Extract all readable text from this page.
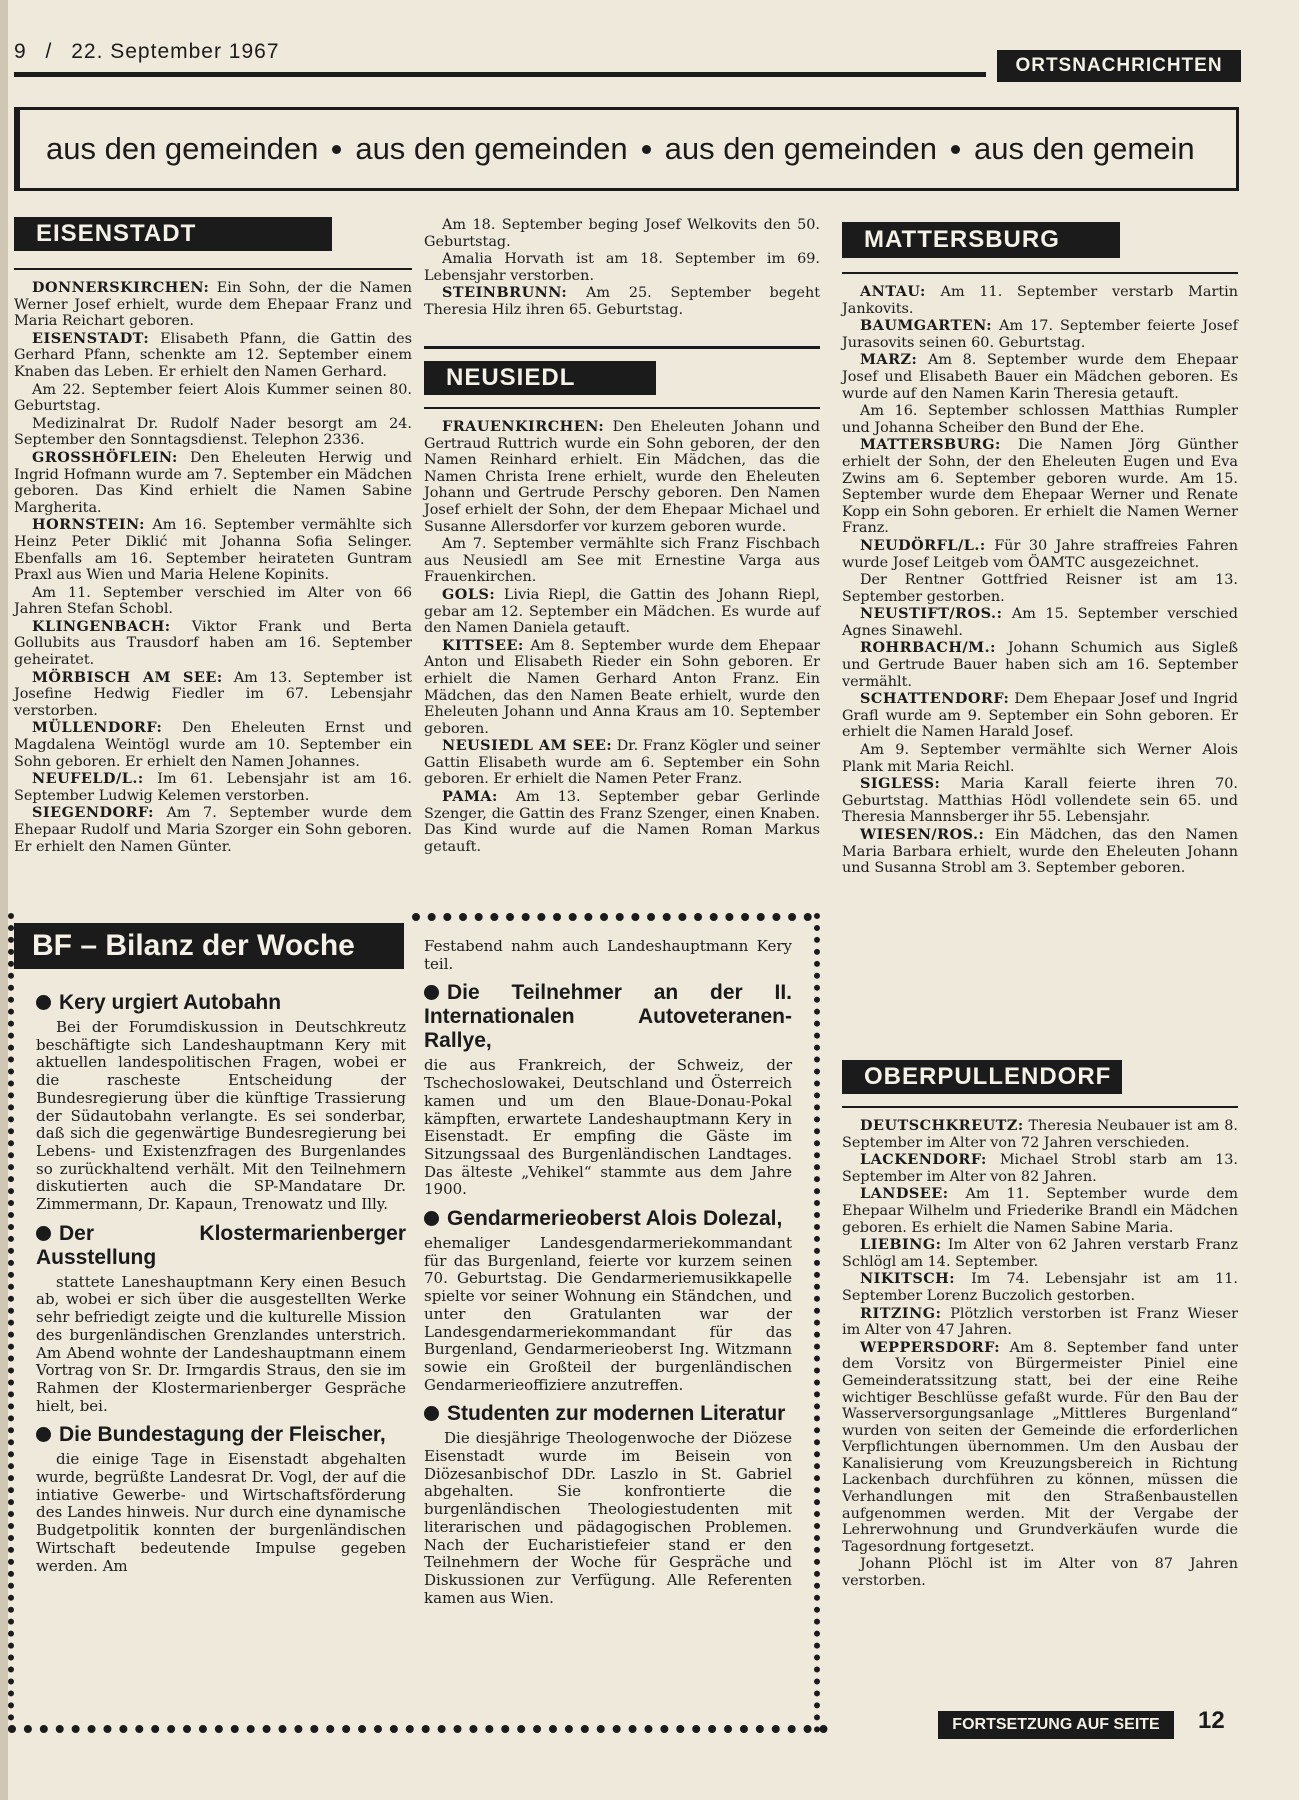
9 / 22. September 1967
ORTSNACHRICHTEN
aus den gemeinden aus den gemeinden aus den gemeinden aus den gemein
EISENSTADT

DONNERSKIRCHEN: Ein Sohn, der die Namen Werner Josef erhielt, wurde dem Ehepaar Franz und Maria Reichart geboren.

EISENSTADT: Elisabeth Pfann, die Gattin des Gerhard Pfann, schenkte am 12. September einem Knaben das Leben. Er erhielt den Namen Gerhard.

Am 22. September feiert Alois Kummer seinen 80. Geburtstag.

Medizinalrat Dr. Rudolf Nader besorgt am 24. September den Sonntagsdienst. Telephon 2336.

GROSSHÖFLEIN: Den Eheleuten Herwig und Ingrid Hofmann wurde am 7. September ein Mädchen geboren. Das Kind erhielt die Namen Sabine Margherita.

HORNSTEIN: Am 16. September vermählte sich Heinz Peter Diklić mit Johanna Sofia Selinger. Ebenfalls am 16. September heirateten Guntram Praxl aus Wien und Maria Helene Kopinits.

Am 11. September verschied im Alter von 66 Jahren Stefan Schobl.

KLINGENBACH: Viktor Frank und Berta Gollubits aus Trausdorf haben am 16. September geheiratet.

MÖRBISCH AM SEE: Am 13. September ist Josefine Hedwig Fiedler im 67. Lebensjahr verstorben.

MÜLLENDORF: Den Eheleuten Ernst und Magdalena Weintögl wurde am 10. September ein Sohn geboren. Er erhielt den Namen Johannes.

NEUFELD/L.: Im 61. Lebensjahr ist am 16. September Ludwig Kelemen verstorben.

SIEGENDORF: Am 7. September wurde dem Ehepaar Rudolf und Maria Szorger ein Sohn geboren. Er erhielt den Namen Günter.

Am 18. September beging Josef Welkovits den 50. Geburtstag.

Amalia Horvath ist am 18. September im 69. Lebensjahr verstorben.

STEINBRUNN: Am 25. September begeht Theresia Hilz ihren 65. Geburtstag.

NEUSIEDL

FRAUENKIRCHEN: Den Eheleuten Johann und Gertraud Ruttrich wurde ein Sohn geboren, der den Namen Reinhard erhielt. Ein Mädchen, das die Namen Christa Irene erhielt, wurde den Eheleuten Johann und Gertrude Perschy geboren. Den Namen Josef erhielt der Sohn, der dem Ehepaar Michael und Susanne Allersdorfer vor kurzem geboren wurde.

Am 7. September vermählte sich Franz Fischbach aus Neusiedl am See mit Ernestine Varga aus Frauenkirchen.

GOLS: Livia Riepl, die Gattin des Johann Riepl, gebar am 12. September ein Mädchen. Es wurde auf den Namen Daniela getauft.

KITTSEE: Am 8. September wurde dem Ehepaar Anton und Elisabeth Rieder ein Sohn geboren. Er erhielt die Namen Gerhard Anton Franz. Ein Mädchen, das den Namen Beate erhielt, wurde den Eheleuten Johann und Anna Kraus am 10. September geboren.

NEUSIEDL AM SEE: Dr. Franz Kögler und seiner Gattin Elisabeth wurde am 6. September ein Sohn geboren. Er erhielt die Namen Peter Franz.

PAMA: Am 13. September gebar Gerlinde Szenger, die Gattin des Franz Szenger, einen Knaben. Das Kind wurde auf die Namen Roman Markus getauft.

MATTERSBURG

ANTAU: Am 11. September verstarb Martin Jankovits.

BAUMGARTEN: Am 17. September feierte Josef Jurasovits seinen 60. Geburtstag.

MARZ: Am 8. September wurde dem Ehepaar Josef und Elisabeth Bauer ein Mädchen geboren. Es wurde auf den Namen Karin Theresia getauft.

Am 16. September schlossen Matthias Rumpler und Johanna Scheiber den Bund der Ehe.

MATTERSBURG: Die Namen Jörg Günther erhielt der Sohn, der den Eheleuten Eugen und Eva Zwins am 6. September geboren wurde. Am 15. September wurde dem Ehepaar Werner und Renate Kopp ein Sohn geboren. Er erhielt die Namen Werner Franz.

NEUDÖRFL/L.: Für 30 Jahre straffreies Fahren wurde Josef Leitgeb vom ÖAMTC ausgezeichnet.

Der Rentner Gottfried Reisner ist am 13. September gestorben.

NEUSTIFT/ROS.: Am 15. September verschied Agnes Sinawehl.

ROHRBACH/M.: Johann Schumich aus Sigleß und Gertrude Bauer haben sich am 16. September vermählt.

SCHATTENDORF: Dem Ehepaar Josef und Ingrid Grafl wurde am 9. September ein Sohn geboren. Er erhielt die Namen Harald Josef.

Am 9. September vermählte sich Werner Alois Plank mit Maria Reichl.

SIGLESS: Maria Karall feierte ihren 70. Geburtstag. Matthias Hödl vollendete sein 65. und Theresia Mannsberger ihr 55. Lebensjahr.

WIESEN/ROS.: Ein Mädchen, das den Namen Maria Barbara erhielt, wurde den Eheleuten Johann und Susanna Strobl am 3. September geboren.

OBERPULLENDORF

DEUTSCHKREUTZ: Theresia Neubauer ist am 8. September im Alter von 72 Jahren verschieden.

LACKENDORF: Michael Strobl starb am 13. September im Alter von 82 Jahren.

LANDSEE: Am 11. September wurde dem Ehepaar Wilhelm und Friederike Brandl ein Mädchen geboren. Es erhielt die Namen Sabine Maria.

LIEBING: Im Alter von 62 Jahren verstarb Franz Schlögl am 14. September.

NIKITSCH: Im 74. Lebensjahr ist am 11. September Lorenz Buczolich gestorben.

RITZING: Plötzlich verstorben ist Franz Wieser im Alter von 47 Jahren.

WEPPERSDORF: Am 8. September fand unter dem Vorsitz von Bürgermeister Piniel eine Gemeinderatssitzung statt, bei der eine Reihe wichtiger Beschlüsse gefaßt wurde. Für den Bau der Wasserversorgungsanlage „Mittleres Burgenland“ wurden von seiten der Gemeinde die erforderlichen Verpflichtungen übernommen. Um den Ausbau der Kanalisierung vom Kreuzungsbereich in Richtung Lackenbach durchführen zu können, müssen die Verhandlungen mit den Straßenbaustellen aufgenommen werden. Mit der Vergabe der Lehrerwohnung und Grundverkäufen wurde die Tagesordnung fortgesetzt.

Johann Plöchl ist im Alter von 87 Jahren verstorben.

BF – Bilanz der Woche
Kery urgiert Autobahn

Bei der Forumdiskussion in Deutschkreutz beschäftigte sich Landeshauptmann Kery mit aktuellen landespolitischen Fragen, wobei er die rascheste Entscheidung der Bundesregierung über die künftige Trassierung der Südautobahn verlangte. Es sei sonderbar, daß sich die gegenwärtige Bundesregierung bei Lebens- und Existenzfragen des Burgenlandes so zurückhaltend verhält. Mit den Teilnehmern diskutierten auch die SP-Mandatare Dr. Zimmermann, Dr. Kapaun, Trenowatz und Illy.

Der Klostermarienberger Ausstellung

stattete Laneshauptmann Kery einen Besuch ab, wobei er sich über die ausgestellten Werke sehr befriedigt zeigte und die kulturelle Mission des burgenländischen Grenzlandes unterstrich. Am Abend wohnte der Landeshauptmann einem Vortrag von Sr. Dr. Irmgardis Straus, den sie im Rahmen der Klostermarienberger Gespräche hielt, bei.

Die Bundestagung der Fleischer,

die einige Tage in Eisenstadt abgehalten wurde, begrüßte Landesrat Dr. Vogl, der auf die intiative Gewerbe- und Wirtschaftsförderung des Landes hinweis. Nur durch eine dynamische Budgetpolitik konnten der burgenländischen Wirtschaft bedeutende Impulse gegeben werden. Am

Festabend nahm auch Landeshauptmann Kery teil.

Die Teilnehmer an der II. Internationalen Autoveteranen-Rallye,

die aus Frankreich, der Schweiz, der Tschechoslowakei, Deutschland und Österreich kamen und um den Blaue-Donau-Pokal kämpften, erwartete Landeshauptmann Kery in Eisenstadt. Er empfing die Gäste im Sitzungssaal des Burgenländischen Landtages. Das älteste „Vehikel“ stammte aus dem Jahre 1900.

Gendarmerieoberst Alois Dolezal,

ehemaliger Landesgendarmeriekommandant für das Burgenland, feierte vor kurzem seinen 70. Geburtstag. Die Gendarmeriemusikkapelle spielte vor seiner Wohnung ein Ständchen, und unter den Gratulanten war der Landesgendarmeriekommandant für das Burgenland, Gendarmerieoberst Ing. Witzmann sowie ein Großteil der burgenländischen Gendarmerieoffiziere anzutreffen.

Studenten zur modernen Literatur

Die diesjährige Theologenwoche der Diözese Eisenstadt wurde im Beisein von Diözesanbischof DDr. Laszlo in St. Gabriel abgehalten. Sie konfrontierte die burgenländischen Theologiestudenten mit literarischen und pädagogischen Problemen. Nach der Eucharistiefeier stand er den Teilnehmern der Woche für Gespräche und Diskussionen zur Verfügung. Alle Referenten kamen aus Wien.

FORTSETZUNG AUF SEITE	12
